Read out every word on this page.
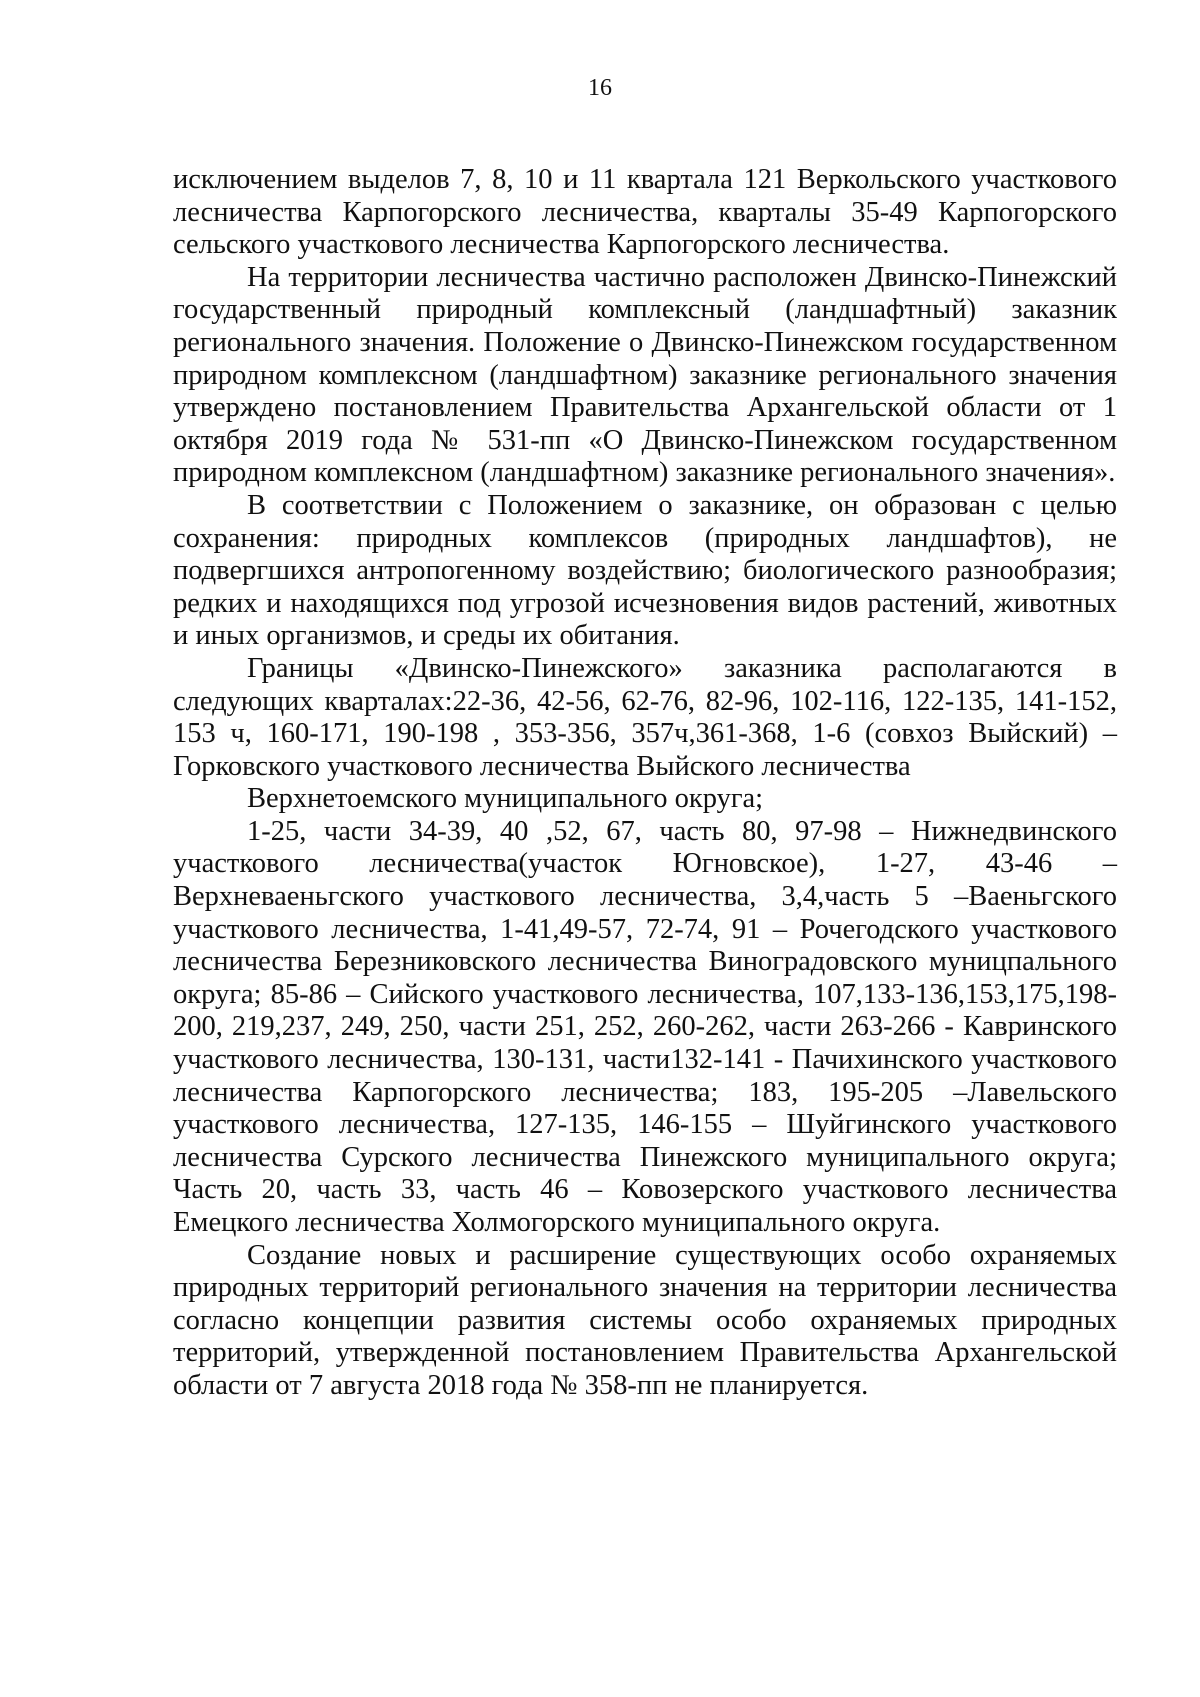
16

исключением выделов 7, 8, 10 и 11 квартала 121 Веркольского участкового лесничества Карпогорского лесничества, кварталы 35-49 Карпогорского сельского участкового лесничества Карпогорского лесничества.

На территории лесничества частично расположен Двинско-Пинежский государственный природный комплексный (ландшафтный) заказник регионального значения. Положение о Двинско-Пинежском государственном природном комплексном (ландшафтном) заказнике регионального значения утверждено постановлением Правительства Архангельской области от 1 октября 2019 года № 531-пп «О Двинско-Пинежском государственном природном комплексном (ландшафтном) заказнике регионального значения».

В соответствии с Положением о заказнике, он образован с целью сохранения: природных комплексов (природных ландшафтов), не подвергшихся антропогенному воздействию; биологического разнообразия; редких и находящихся под угрозой исчезновения видов растений, животных и иных организмов, и среды их обитания.

Границы «Двинско-Пинежского» заказника располагаются в следующих кварталах:22-36, 42-56, 62-76, 82-96, 102-116, 122-135, 141-152, 153 ч, 160-171, 190-198 , 353-356, 357ч,361-368, 1-6 (совхоз Выйский) – Горковского участкового лесничества Выйского лесничества

Верхнетоемского муниципального округа;

1-25, части 34-39, 40 ,52, 67, часть 80, 97-98 – Нижнедвинского участкового лесничества(участок Югновское), 1-27, 43-46 – Верхневаеньгского участкового лесничества, 3,4,часть 5 –Ваеньгского участкового лесничества, 1-41,49-57, 72-74, 91 – Рочегодского участкового лесничества Березниковского лесничества Виноградовского муницпального округа; 85-86 – Сийского участкового лесничества, 107,133-136,153,175,198-200, 219,237, 249, 250, части 251, 252, 260-262, части 263-266 - Кавринского участкового лесничества, 130-131, части132-141 - Пачихинского участкового лесничества Карпогорского лесничества; 183, 195-205 –Лавельского участкового лесничества, 127-135, 146-155 – Шуйгинского участкового лесничества Сурского лесничества Пинежского муниципального округа; Часть 20, часть 33, часть 46 – Ковозерского участкового лесничества Емецкого лесничества Холмогорского муниципального округа.

Создание новых и расширение существующих особо охраняемых природных территорий регионального значения на территории лесничества согласно концепции развития системы особо охраняемых природных территорий, утвержденной постановлением Правительства Архангельской области от 7 августа 2018 года № 358-пп не планируется.
